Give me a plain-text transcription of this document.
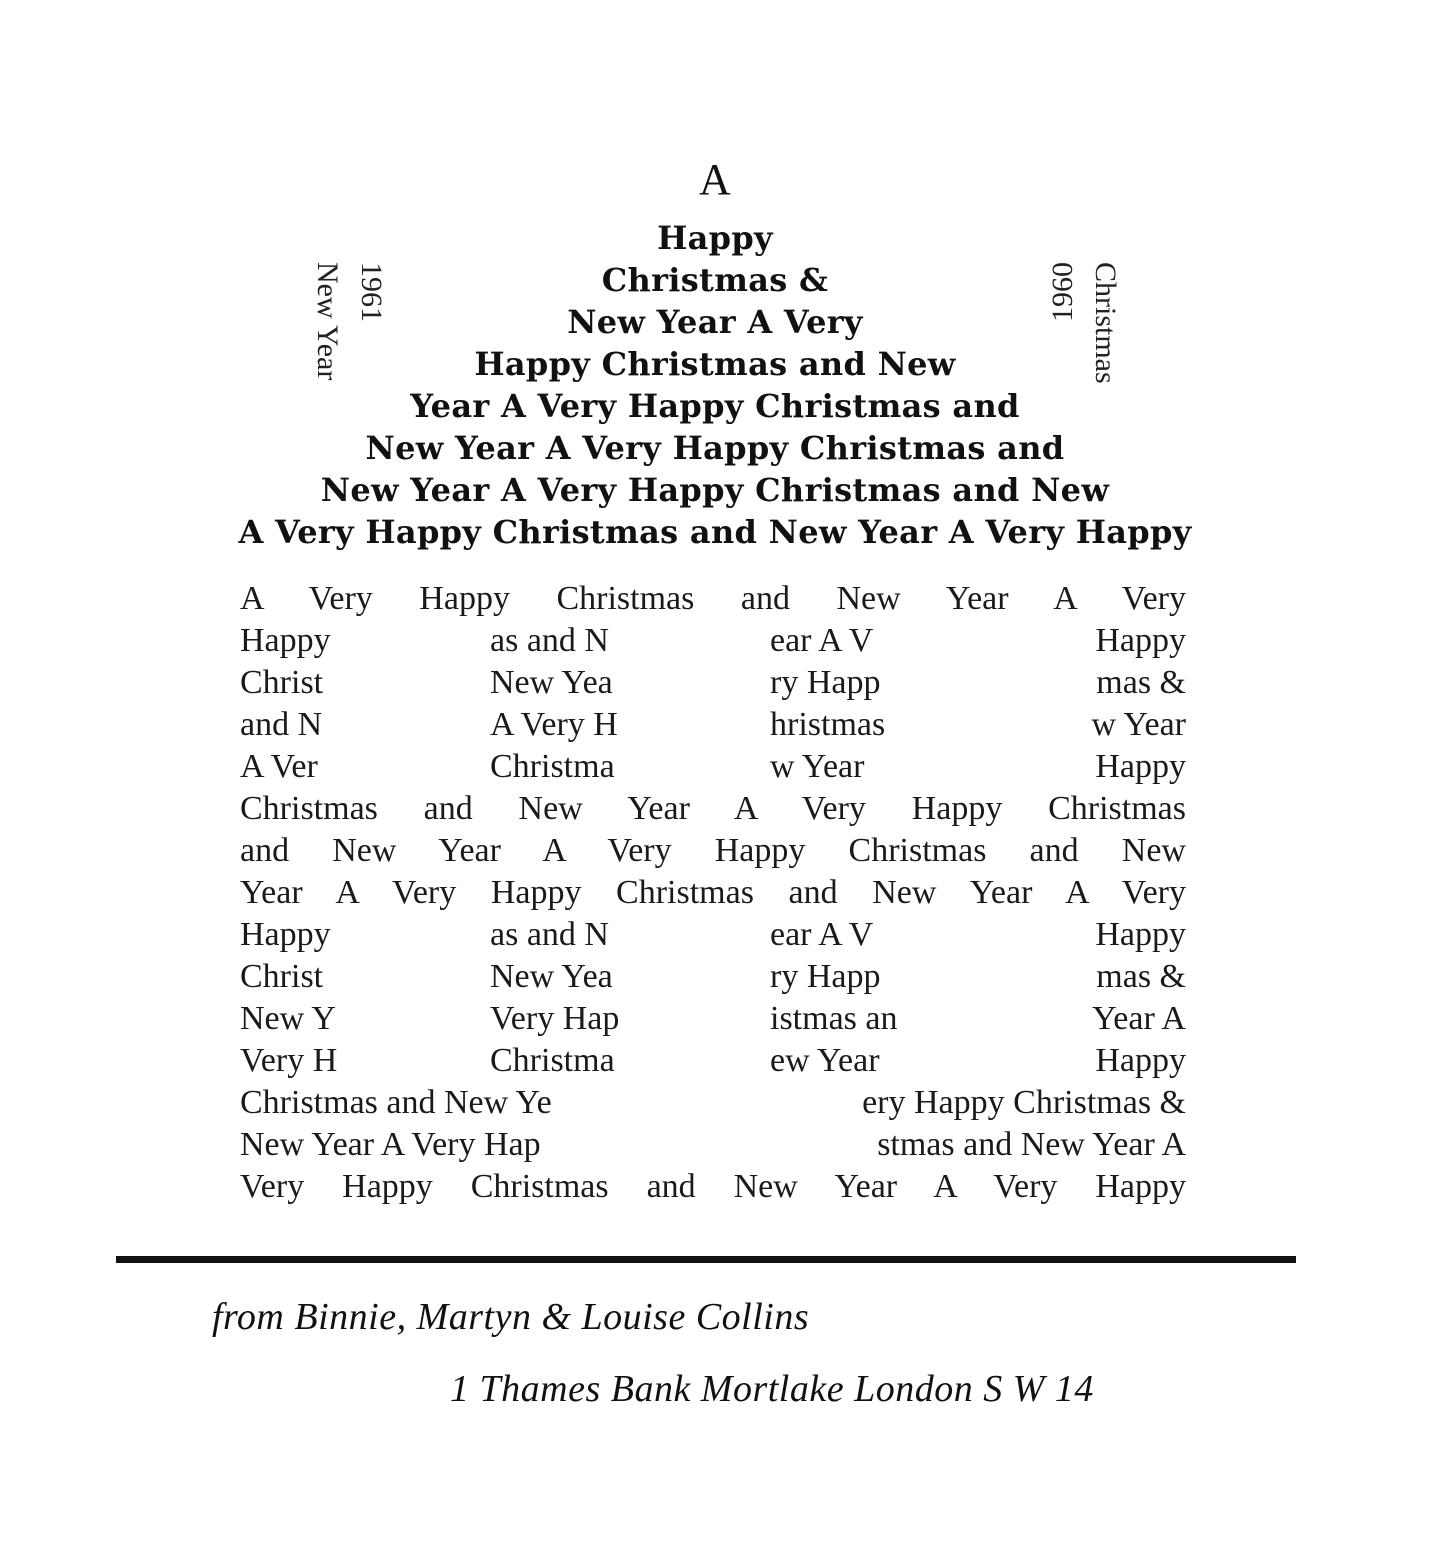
A
Happy
Christmas &
New Year A Very
Happy Christmas and New
Year A Very Happy Christmas and
New Year A Very Happy Christmas and
New Year A Very Happy Christmas and New
A Very Happy Christmas and New Year A Very Happy
New Year 1961	1960 Christmas
A Very Happy Christmas and New Year A Very
Happy	as and N	ear A V	Happy
Christ	New Yea	ry Happ	mas &
and N	A Very H	hristmas	w Year
A Ver	Christma	w Year	Happy
Christmas and New Year A Very Happy Christmas
and New Year A Very Happy Christmas and New
Year A Very Happy Christmas and New Year A Very
Happy	as and N	ear A V	Happy
Christ	New Yea	ry Happ	mas &
New Y	Very Hap	istmas an	Year A
Very H	Christma	ew Year	Happy
Christmas and New Ye	ery Happy Christmas &
New Year A Very Hap	stmas and New Year A
Very Happy Christmas and New Year A Very Happy
from Binnie, Martyn & Louise Collins
1 Thames Bank Mortlake London S W 14
